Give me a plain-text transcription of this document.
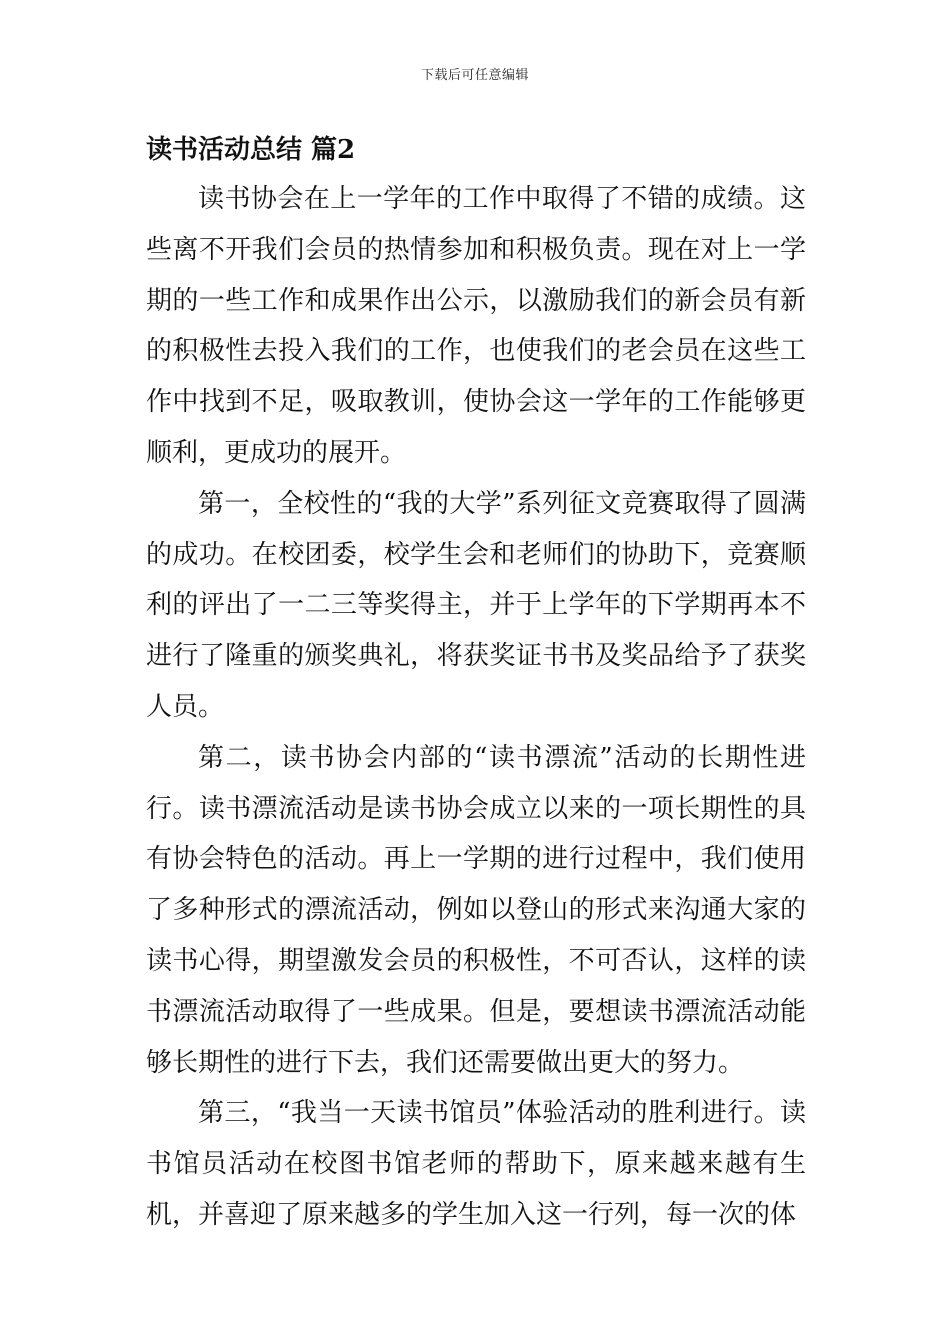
下载后可任意编辑
读书活动总结 篇2

读书协会在上一学年的工作中取得了不错的成绩。这些离不开我们会员的热情参加和积极负责。现在对上一学期的一些工作和成果作出公示，以激励我们的新会员有新的积极性去投入我们的工作，也使我们的老会员在这些工作中找到不足，吸取教训，使协会这一学年的工作能够更顺利，更成功的展开。

第一，全校性的“我的大学”系列征文竞赛取得了圆满的成功。在校团委，校学生会和老师们的协助下，竞赛顺利的评出了一二三等奖得主，并于上学年的下学期再本不进行了隆重的颁奖典礼，将获奖证书书及奖品给予了获奖人员。

第二，读书协会内部的“读书漂流”活动的长期性进行。读书漂流活动是读书协会成立以来的一项长期性的具有协会特色的活动。再上一学期的进行过程中，我们使用了多种形式的漂流活动，例如以登山的形式来沟通大家的读书心得，期望激发会员的积极性，不可否认，这样的读书漂流活动取得了一些成果。但是，要想读书漂流活动能够长期性的进行下去，我们还需要做出更大的努力。

第三，“我当一天读书馆员”体验活动的胜利进行。读书馆员活动在校图书馆老师的帮助下，原来越来越有生机，并喜迎了原来越多的学生加入这一行列，每一次的体
